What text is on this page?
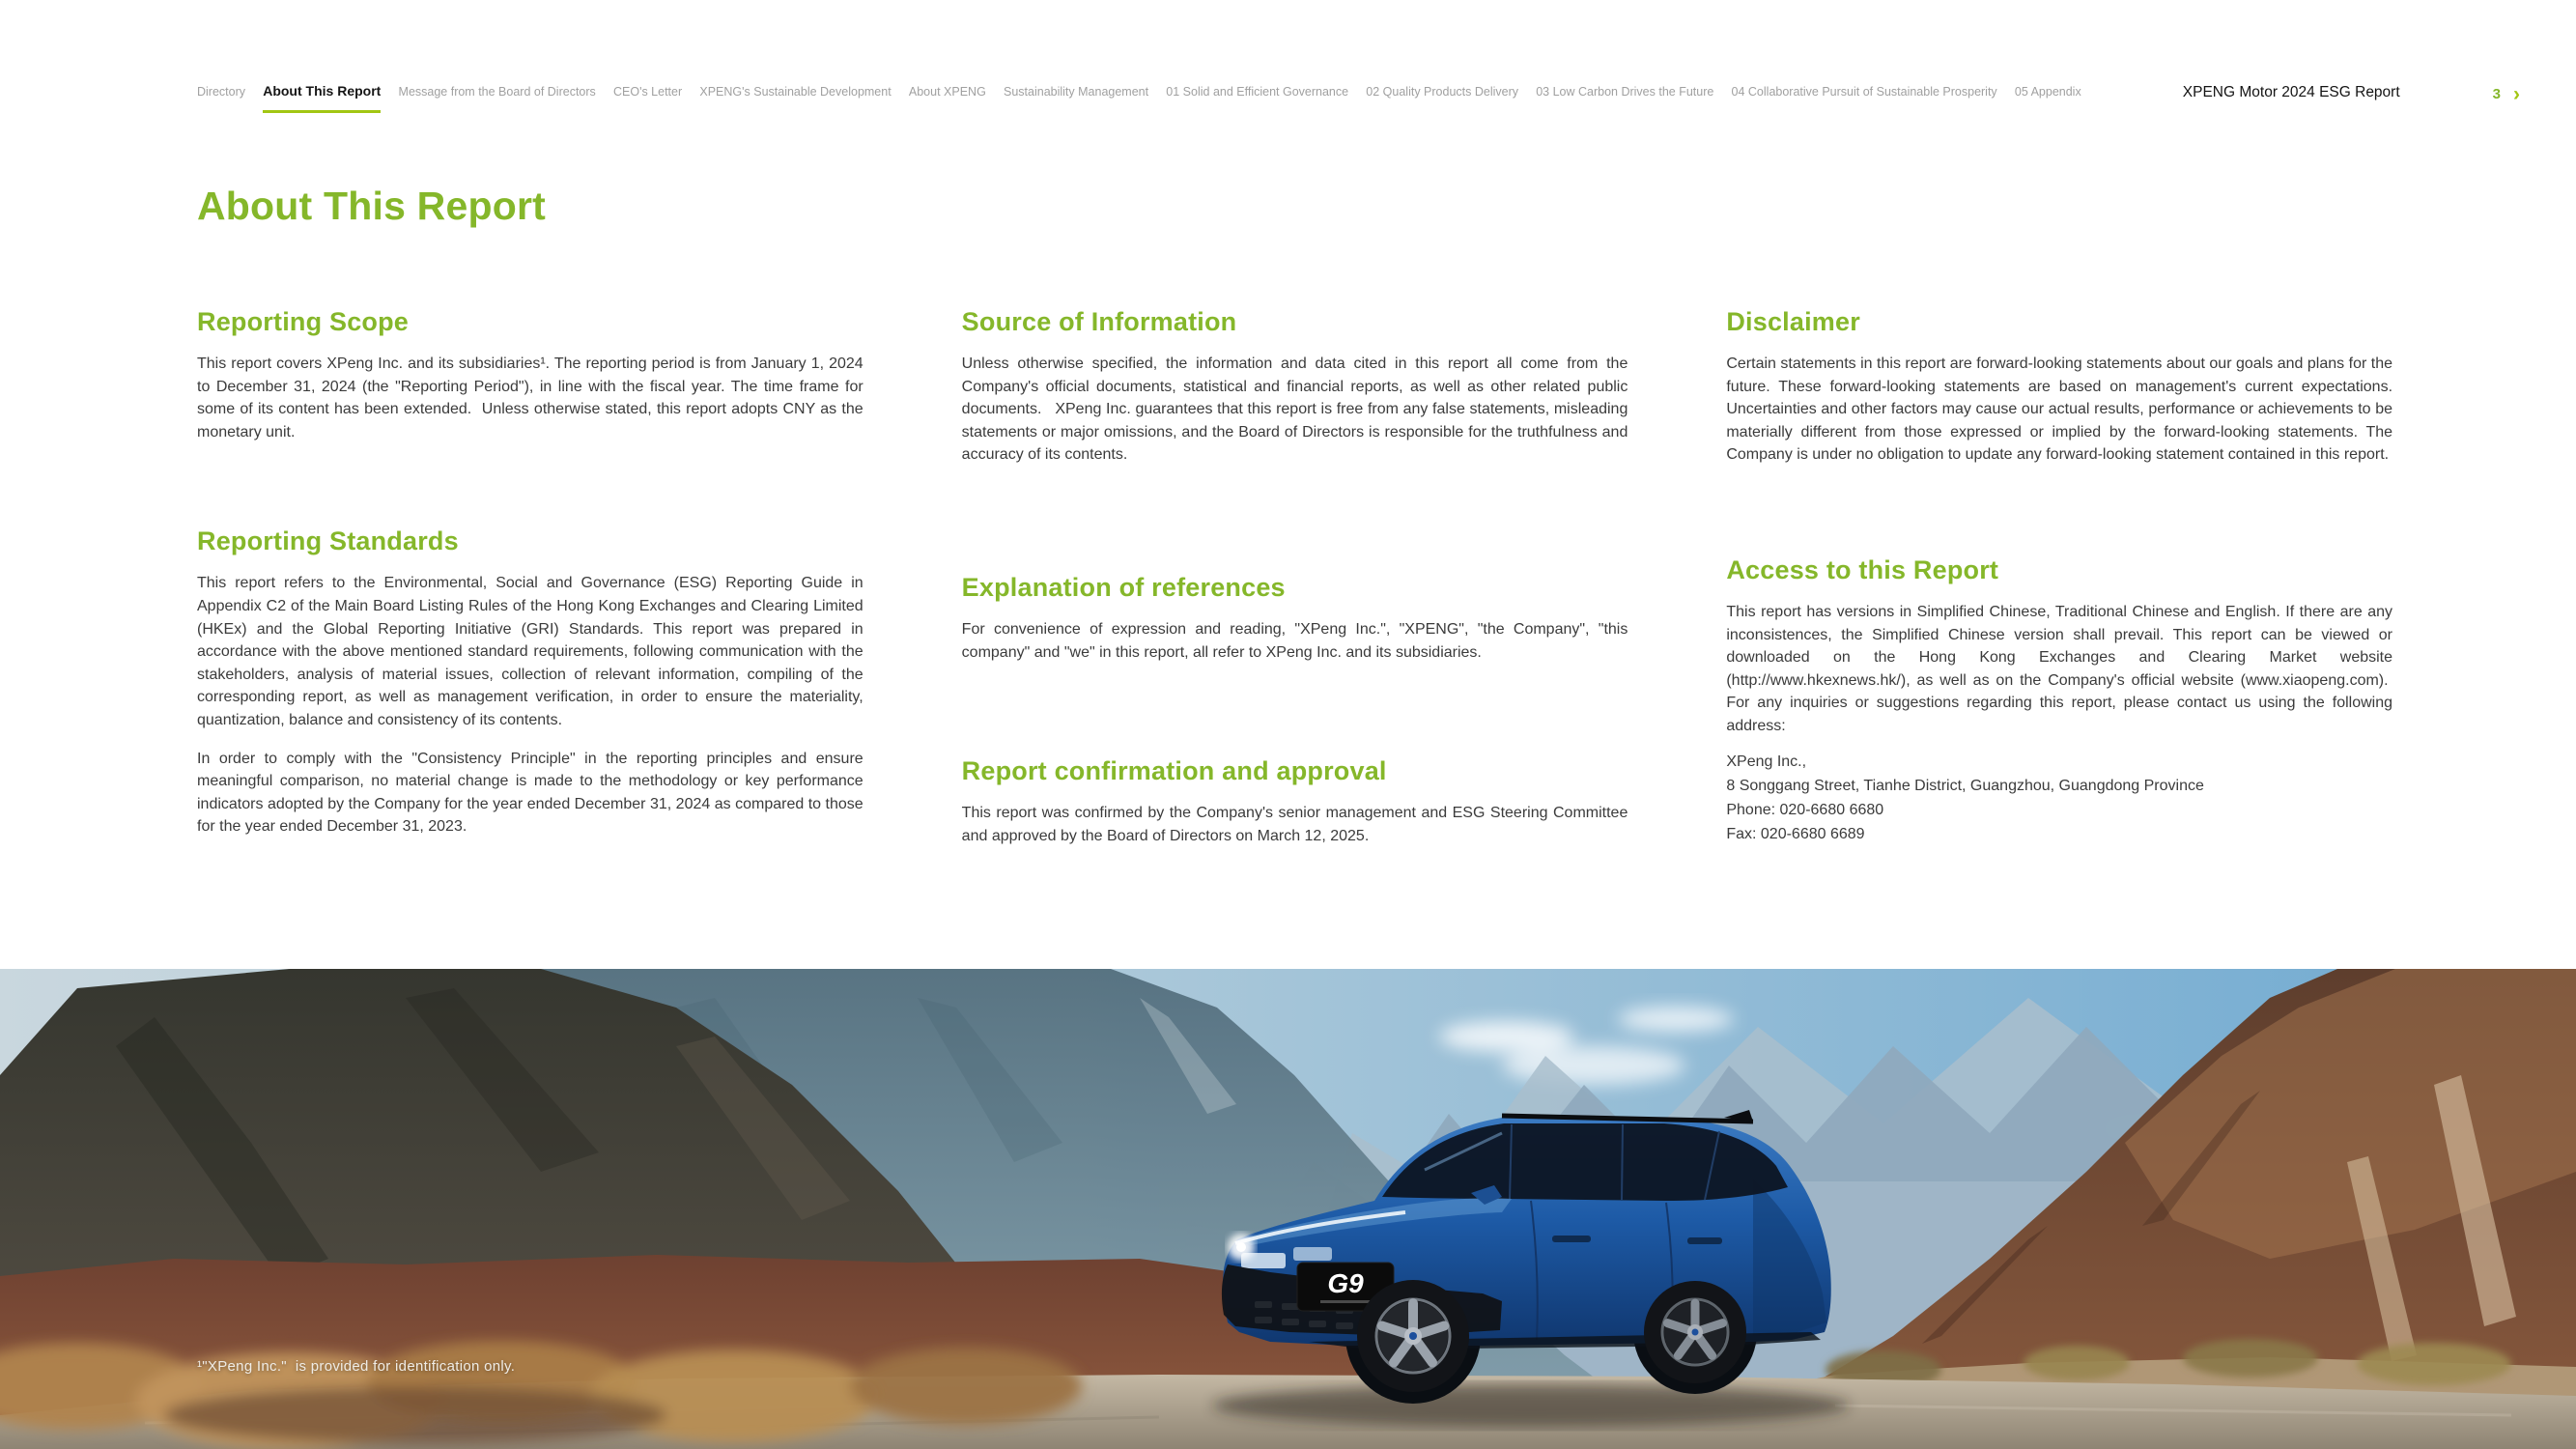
Directory About This Report Message from the Board of Directors CEO's Letter XPENG's Sustainable Development About XPENG Sustainability Management 01 Solid and Efficient Governance 02 Quality Products Delivery 03 Low Carbon Drives the Future 04 Collaborative Pursuit of Sustainable Prosperity 05 Appendix	XPENG Motor 2024 ESG Report	3 ›
About This Report
Reporting Scope

This report covers XPeng Inc. and its subsidiaries¹. The reporting period is from January 1, 2024 to December 31, 2024 (the "Reporting Period"), in line with the fiscal year. The time frame for some of its content has been extended.  Unless otherwise stated, this report adopts CNY as the monetary unit.

Reporting Standards

This report refers to the Environmental, Social and Governance (ESG) Reporting Guide in Appendix C2 of the Main Board Listing Rules of the Hong Kong Exchanges and Clearing Limited (HKEx) and the Global Reporting Initiative (GRI) Standards. This report was prepared in accordance with the above mentioned standard requirements, following communication with the stakeholders, analysis of material issues, collection of relevant information, compiling of the corresponding report, as well as management verification, in order to ensure the materiality, quantization, balance and consistency of its contents.

In order to comply with the "Consistency Principle" in the reporting principles and ensure meaningful comparison, no material change is made to the methodology or key performance indicators adopted by the Company for the year ended December 31, 2024 as compared to those for the year ended December 31, 2023.

Source of Information

Unless otherwise specified, the information and data cited in this report all come from the Company's official documents, statistical and financial reports, as well as other related public documents.   XPeng Inc. guarantees that this report is free from any false statements, misleading statements or major omissions, and the Board of Directors is responsible for the truthfulness and accuracy of its contents.

Explanation of references

For convenience of expression and reading, "XPeng Inc.", "XPENG", "the Company", "this company" and "we" in this report, all refer to XPeng Inc. and its subsidiaries.

Report confirmation and approval

This report was confirmed by the Company's senior management and ESG Steering Committee and approved by the Board of Directors on March 12, 2025.

Disclaimer

Certain statements in this report are forward-looking statements about our goals and plans for the future. These forward-looking statements are based on management's current expectations. Uncertainties and other factors may cause our actual results, performance or achievements to be materially different from those expressed or implied by the forward-looking statements. The Company is under no obligation to update any forward-looking statement contained in this report.

Access to this Report

This report has versions in Simplified Chinese, Traditional Chinese and English. If there are any inconsistences, the Simplified Chinese version shall prevail. This report can be viewed or downloaded on the Hong Kong Exchanges and Clearing Market website (http://www.hkexnews.hk/), as well as on the Company's official website (www.xiaopeng.com).  For any inquiries or suggestions regarding this report, please contact us using the following address:

XPeng Inc.,

8 Songgang Street, Tianhe District, Guangzhou, Guangdong Province

Phone: 020-6680 6680

Fax: 020-6680 6689

G9
¹"XPeng Inc."  is provided for identification only.
